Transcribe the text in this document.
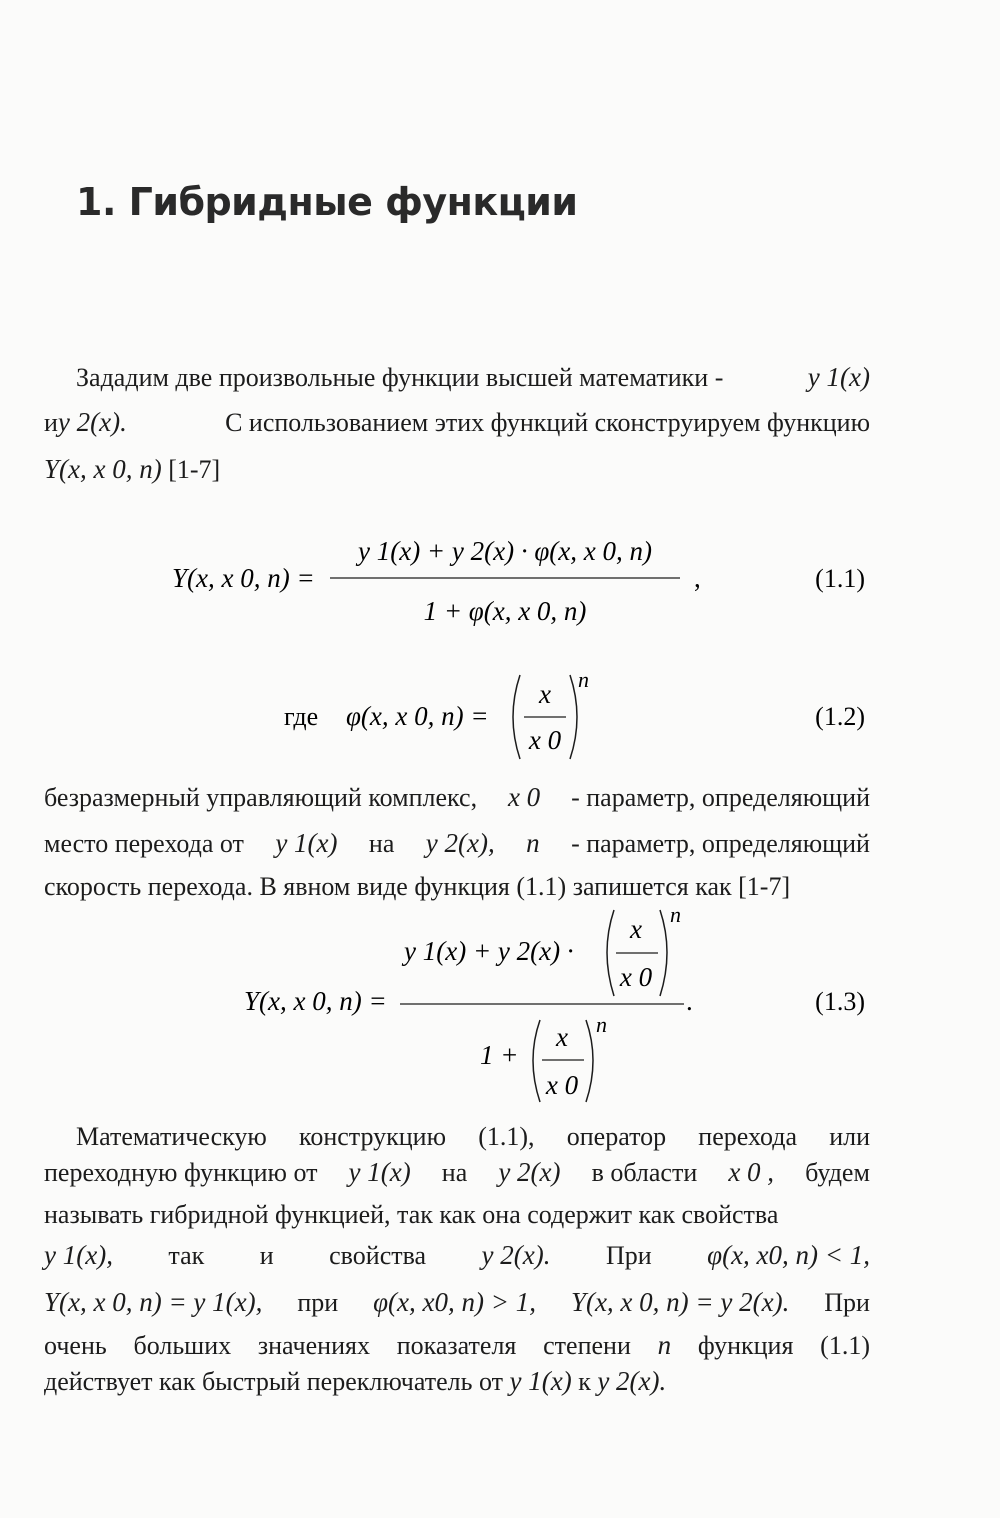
1. Гибридные функции
Зададим две произвольные функции высшей математики -	y 1(x)
и y 2(x).	С использованием этих функций сконструируем функцию
Y(x, x 0, n) [1-7]
Y(x, x 0, n) =
y 1(x) + y 2(x) · φ(x, x 0, n)
1 + φ(x, x 0, n)
,	(1.1)
где φ(x, x 0, n) =
x
x 0
n
(1.2)
безразмерный управляющий комплекс, x 0 - параметр, определяющий
место перехода от y 1(x) на y 2(x), n - параметр, определяющий
скорость перехода. В явном виде функция (1.1) запишется как [1-7]
Y(x, x 0, n) =
y 1(x) + y 2(x) ·
x
x 0
n
.
1 +
x
x 0
n
(1.3)
Математическую конструкцию (1.1), оператор перехода или
переходную функцию от y 1(x) на y 2(x) в области x 0 , будем
называть гибридной функцией, так как она содержит как свойства
y 1(x), так и свойства y 2(x). При φ(x, x0, n) < 1,
Y(x, x 0, n) = y 1(x), при φ(x, x0, n) > 1, Y(x, x 0, n) = y 2(x). При
очень больших значениях показателя степени n функция (1.1)
действует как быстрый переключатель от y 1(x) к y 2(x).
